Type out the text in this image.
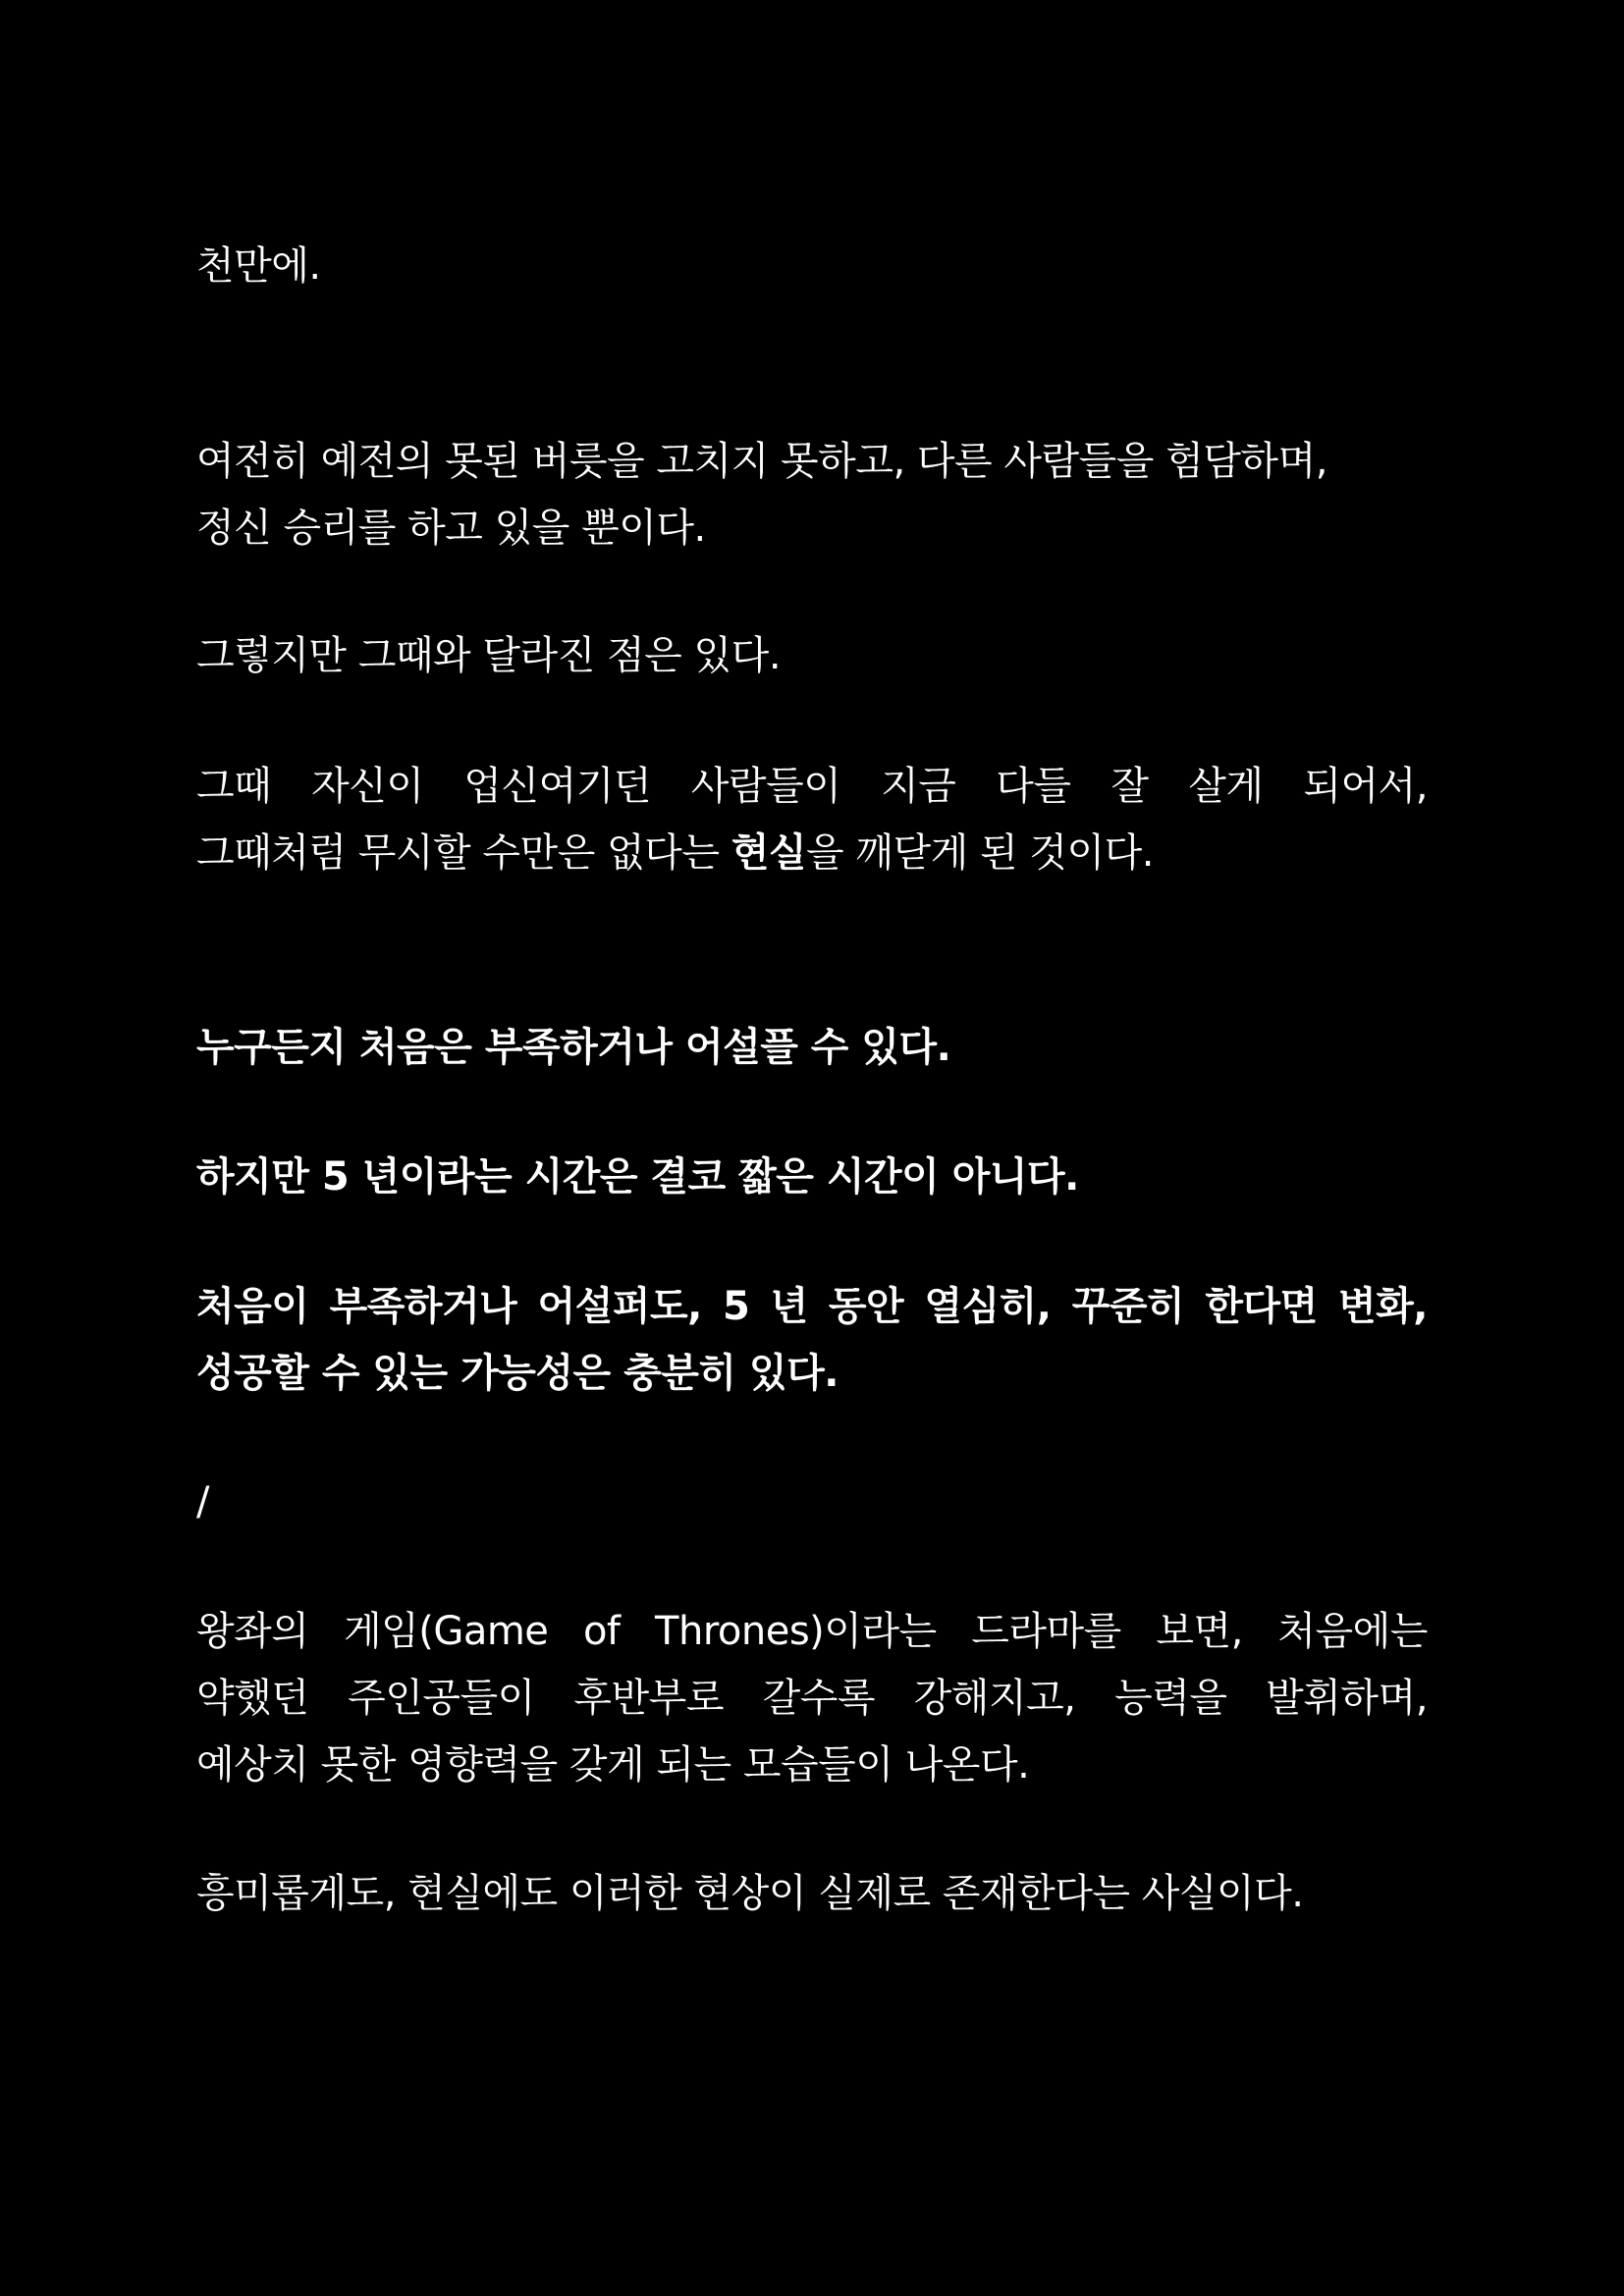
천만에.

여전히 예전의 못된 버릇을 고치지 못하고, 다른 사람들을 험담하며,
정신 승리를 하고 있을 뿐이다.

그렇지만 그때와 달라진 점은 있다.

그때 자신이 업신여기던 사람들이 지금 다들 잘 살게 되어서,
그때처럼 무시할 수만은 없다는 현실을 깨닫게 된 것이다.

누구든지 처음은 부족하거나 어설플 수 있다.

하지만 5 년이라는 시간은 결코 짧은 시간이 아니다.

처음이 부족하거나 어설퍼도, 5 년 동안 열심히, 꾸준히 한다면 변화,
성공할 수 있는 가능성은 충분히 있다.

/

왕좌의 게임(Game of Thrones)이라는 드라마를 보면, 처음에는
약했던 주인공들이 후반부로 갈수록 강해지고, 능력을 발휘하며,
예상치 못한 영향력을 갖게 되는 모습들이 나온다.

흥미롭게도, 현실에도 이러한 현상이 실제로 존재한다는 사실이다.
